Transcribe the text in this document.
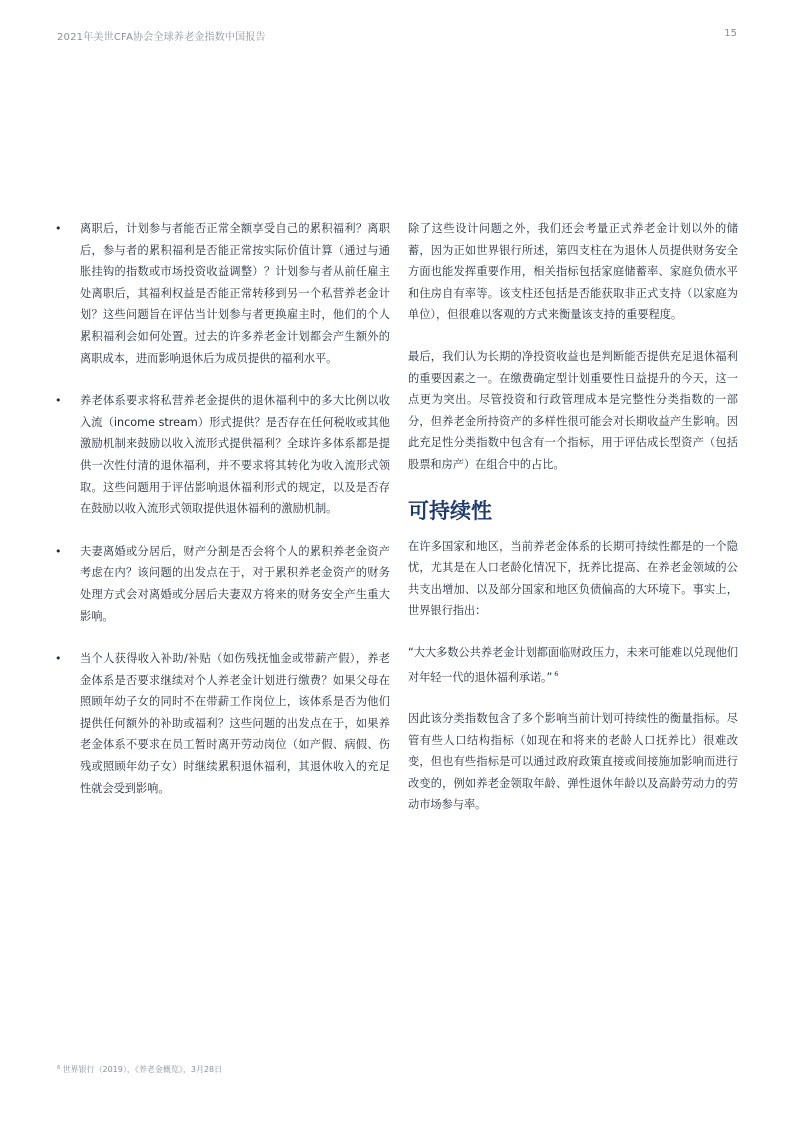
2021年美世CFA协会全球养老金指数中国报告	15
•	离职后，计划参与者能否正常全额享受自己的累积福利？离职后，参与者的累积福利是否能正常按实际价值计算（通过与通胀挂钩的指数或市场投资收益调整）？计划参与者从前任雇主处离职后，其福利权益是否能正常转移到另一个私营养老金计划？这些问题旨在评估当计划参与者更换雇主时，他们的个人累积福利会如何处置。过去的许多养老金计划都会产生额外的离职成本，进而影响退休后为成员提供的福利水平。
•	养老体系要求将私营养老金提供的退休福利中的多大比例以收入流（income stream）形式提供？是否存在任何税收或其他激励机制来鼓励以收入流形式提供福利？全球许多体系都是提供一次性付清的退休福利，并不要求将其转化为收入流形式领取。这些问题用于评估影响退休福利形式的规定，以及是否存在鼓励以收入流形式领取提供退休福利的激励机制。
•	夫妻离婚或分居后，财产分割是否会将个人的累积养老金资产考虑在内？该问题的出发点在于，对于累积养老金资产的财务处理方式会对离婚或分居后夫妻双方将来的财务安全产生重大影响。
•	当个人获得收入补助/补贴（如伤残抚恤金或带薪产假），养老金体系是否要求继续对个人养老金计划进行缴费？如果父母在照顾年幼子女的同时不在带薪工作岗位上，该体系是否为他们提供任何额外的补助或福利？这些问题的出发点在于，如果养老金体系不要求在员工暂时离开劳动岗位（如产假、病假、伤残或照顾年幼子女）时继续累积退休福利，其退休收入的充足性就会受到影响。

除了这些设计问题之外，我们还会考量正式养老金计划以外的储蓄，因为正如世界银行所述，第四支柱在为退休人员提供财务安全方面也能发挥重要作用，相关指标包括家庭储蓄率、家庭负债水平和住房自有率等。该支柱还包括是否能获取非正式支持（以家庭为单位），但很难以客观的方式来衡量该支持的重要程度。

最后，我们认为长期的净投资收益也是判断能否提供充足退休福利的重要因素之一。在缴费确定型计划重要性日益提升的今天，这一点更为突出。尽管投资和行政管理成本是完整性分类指数的一部分，但养老金所持资产的多样性很可能会对长期收益产生影响。因此充足性分类指数中包含有一个指标，用于评估成长型资产（包括股票和房产）在组合中的占比。

可持续性

在许多国家和地区，当前养老金体系的长期可持续性都是的一个隐忧，尤其是在人口老龄化情况下，抚养比提高、在养老金领域的公共支出增加、以及部分国家和地区负债偏高的大环境下。事实上，世界银行指出：

“大大多数公共养老金计划都面临财政压力，未来可能难以兑现他们对年轻一代的退休福利承诺。” $^6$

因此该分类指数包含了多个影响当前计划可持续性的衡量指标。尽管有些人口结构指标（如现在和将来的老龄人口抚养比）很难改变，但也有些指标是可以通过政府政策直接或间接施加影响而进行改变的，例如养老金领取年龄、弹性退休年龄以及高龄劳动力的劳动市场参与率。

$^6$ 世界银行（2019），《养老金概览》，3月28日
